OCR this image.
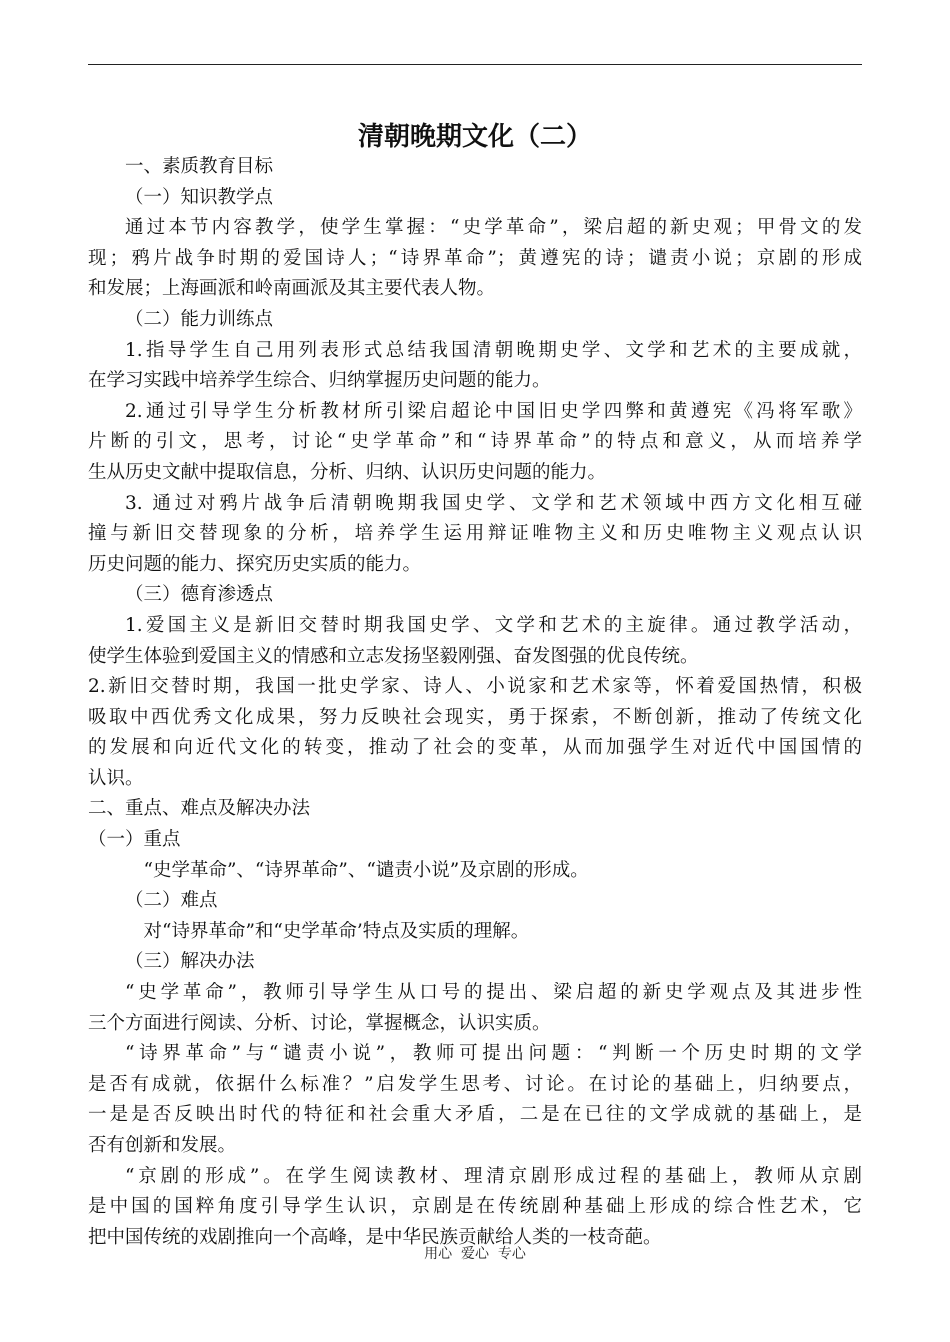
清朝晚期文化（二）
一、素质教育目标
（一）知识教学点
通过本节内容教学，使学生掌握：“史学革命”，梁启超的新史观；甲骨文的发
现；鸦片战争时期的爱国诗人；“诗界革命”；黄遵宪的诗；谴责小说；京剧的形成
和发展；上海画派和岭南画派及其主要代表人物。
（二）能力训练点
1.指导学生自己用列表形式总结我国清朝晚期史学、文学和艺术的主要成就，
在学习实践中培养学生综合、归纳掌握历史问题的能力。
2.通过引导学生分析教材所引梁启超论中国旧史学四弊和黄遵宪《冯将军歌》
片断的引文，思考，讨论“史学革命”和“诗界革命”的特点和意义，从而培养学
生从历史文献中提取信息，分析、归纳、认识历史问题的能力。
3. 通过对鸦片战争后清朝晚期我国史学、文学和艺术领域中西方文化相互碰
撞与新旧交替现象的分析，培养学生运用辩证唯物主义和历史唯物主义观点认识
历史问题的能力、探究历史实质的能力。
（三）德育渗透点
1.爱国主义是新旧交替时期我国史学、文学和艺术的主旋律。通过教学活动，
使学生体验到爱国主义的情感和立志发扬坚毅刚强、奋发图强的优良传统。
2.新旧交替时期，我国一批史学家、诗人、小说家和艺术家等，怀着爱国热情，积极
吸取中西优秀文化成果，努力反映社会现实，勇于探索，不断创新，推动了传统文化
的发展和向近代文化的转变，推动了社会的变革，从而加强学生对近代中国国情的
认识。
二、重点、难点及解决办法
（一）重点
“史学革命”、“诗界革命”、“谴责小说”及京剧的形成。
（二）难点
对“诗界革命”和“史学革命’特点及实质的理解。
（三）解决办法
“史学革命”，教师引导学生从口号的提出、梁启超的新史学观点及其进步性
三个方面进行阅读、分析、讨论，掌握概念，认识实质。
“诗界革命”与“谴责小说”，教师可提出问题：“判断一个历史时期的文学
是否有成就，依据什么标准？”启发学生思考、讨论。在讨论的基础上，归纳要点，
一是是否反映出时代的特征和社会重大矛盾，二是在已往的文学成就的基础上，是
否有创新和发展。
“京剧的形成”。在学生阅读教材、理清京剧形成过程的基础上，教师从京剧
是中国的国粹角度引导学生认识，京剧是在传统剧种基础上形成的综合性艺术，它
把中国传统的戏剧推向一个高峰，是中华民族贡献给人类的一枝奇葩。
用心  爱心  专心
